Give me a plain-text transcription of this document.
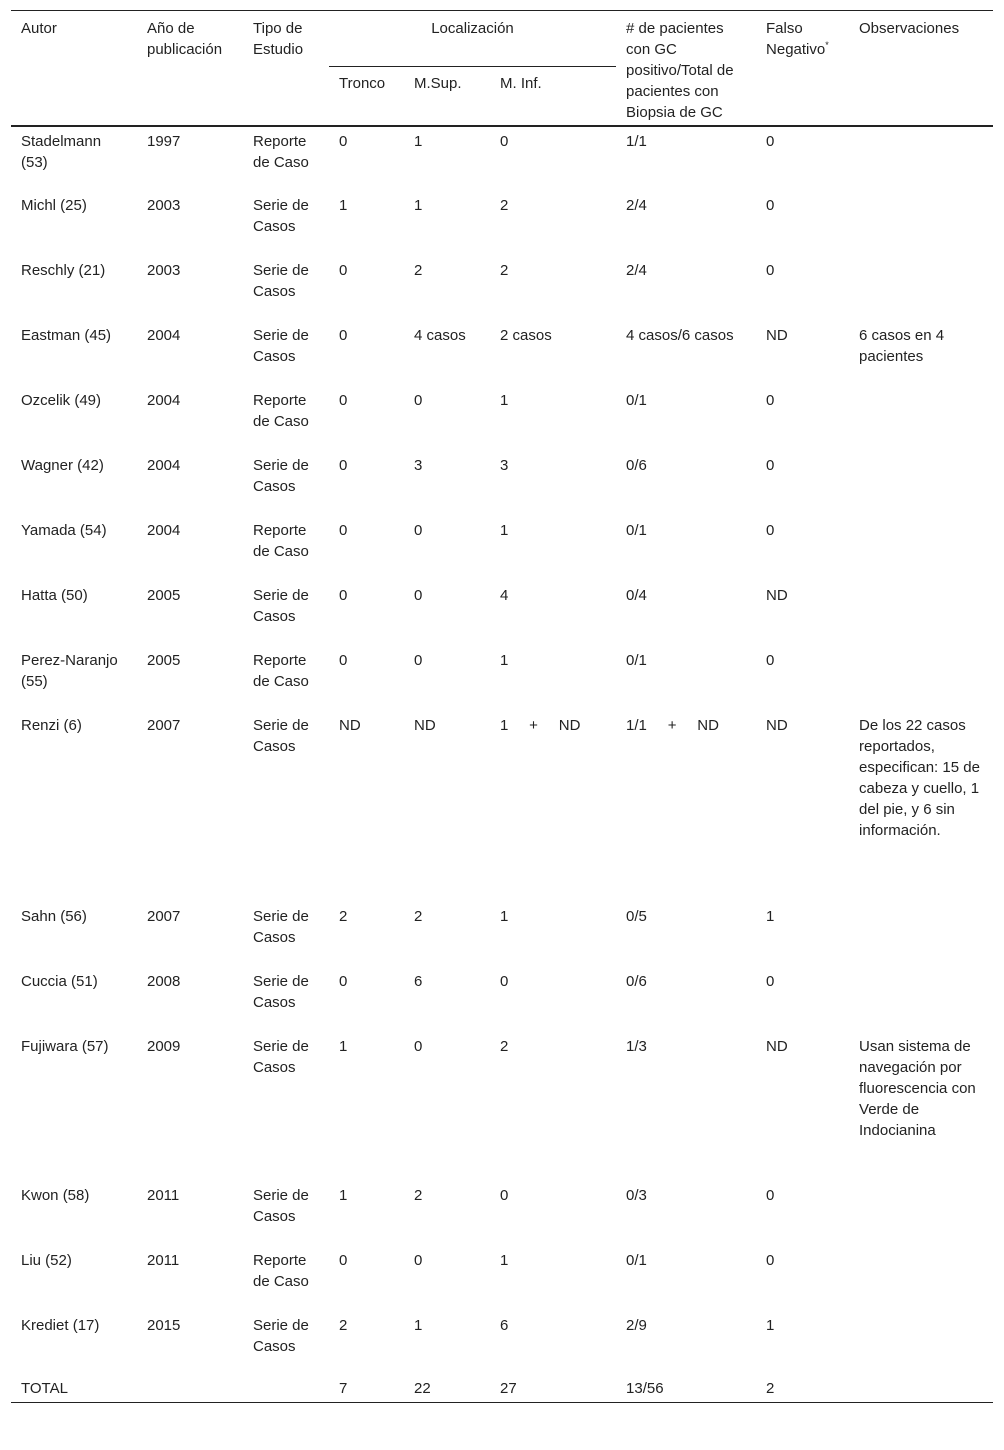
Autor	Año de publicación	Tipo de Estudio	Localización			# de pacientes con GC positivo/Total de pacientes con Biopsia de GC	Falso Negativo*	Observaciones
			Tronco	M.Sup.	M. Inf.			
Stadelmann (53)	1997	Reporte de Caso	0	1	0	1/1	0	
Michl (25)	2003	Serie de Casos	1	1	2	2/4	0	
Reschly (21)	2003	Serie de Casos	0	2	2	2/4	0	
Eastman (45)	2004	Serie de Casos	0	4 casos	2 casos	4 casos/6 casos	ND	6 casos en 4 pacientes
Ozcelik (49)	2004	Reporte de Caso	0	0	1	0/1	0	
Wagner (42)	2004	Serie de Casos	0	3	3	0/6	0	
Yamada (54)	2004	Reporte de Caso	0	0	1	0/1	0	
Hatta (50)	2005	Serie de Casos	0	0	4	0/4	ND	
Perez-Naranjo (55)	2005	Reporte de Caso	0	0	1	0/1	0	
Renzi (6)	2007	Serie de Casos	ND	ND	1     +     ND	1/1     +     ND	ND	De los 22 casos reportados, especifican: 15 de cabeza y cuello, 1 del pie, y 6 sin información.
Sahn (56)	2007	Serie de Casos	2	2	1	0/5	1	
Cuccia (51)	2008	Serie de Casos	0	6	0	0/6	0	
Fujiwara (57)	2009	Serie de Casos	1	0	2	1/3	ND	Usan sistema de navegación por fluorescencia con Verde de Indocianina
Kwon (58)	2011	Serie de Casos	1	2	0	0/3	0	
Liu (52)	2011	Reporte de Caso	0	0	1	0/1	0	
Krediet (17)	2015	Serie de Casos	2	1	6	2/9	1	
TOTAL			7	22	27	13/56	2	
